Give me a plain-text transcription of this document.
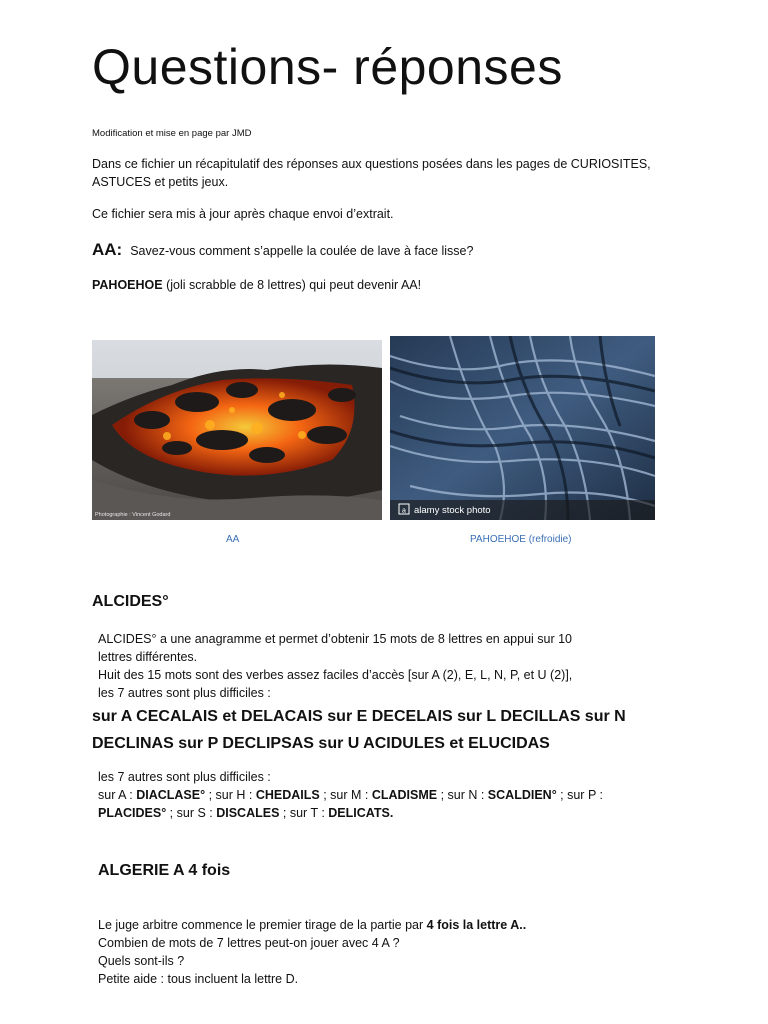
Questions- réponses
Modification et mise en page par JMD
Dans ce fichier un récapitulatif des réponses aux questions posées dans les pages de CURIOSITES, ASTUCES et petits jeux.
Ce fichier sera mis à jour après chaque envoi d’extrait.
AA: Savez-vous comment s’appelle la coulée de lave à face lisse?
PAHOEHOE (joli scrabble de 8 lettres) qui peut devenir AA!
Photographie : Vincent Godard
a alamy stock photo
AA	PAHOEHOE (refroidie)
ALCIDES°
ALCIDES° a une anagramme et permet d’obtenir 15 mots de 8 lettres en appui sur 10
lettres différentes.
Huit des 15 mots sont des verbes assez faciles d’accès [sur A (2), E, L, N, P, et U (2)],
les 7 autres sont plus difficiles :
sur A CECALAIS et DELACAIS sur E DECELAIS sur L DECILLAS sur N
DECLINAS sur P DECLIPSAS sur U ACIDULES et ELUCIDAS
les 7 autres sont plus difficiles :
sur A : DIACLASE° ; sur H : CHEDAILS ; sur M : CLADISME ; sur N : SCALDIEN° ; sur P :
PLACIDES° ; sur S : DISCALES ; sur T : DELICATS.
ALGERIE A 4 fois
Le juge arbitre commence le premier tirage de la partie par 4 fois la lettre A..
Combien de mots de 7 lettres peut-on jouer avec 4 A ?
Quels sont-ils ?
Petite aide : tous incluent la lettre D.
